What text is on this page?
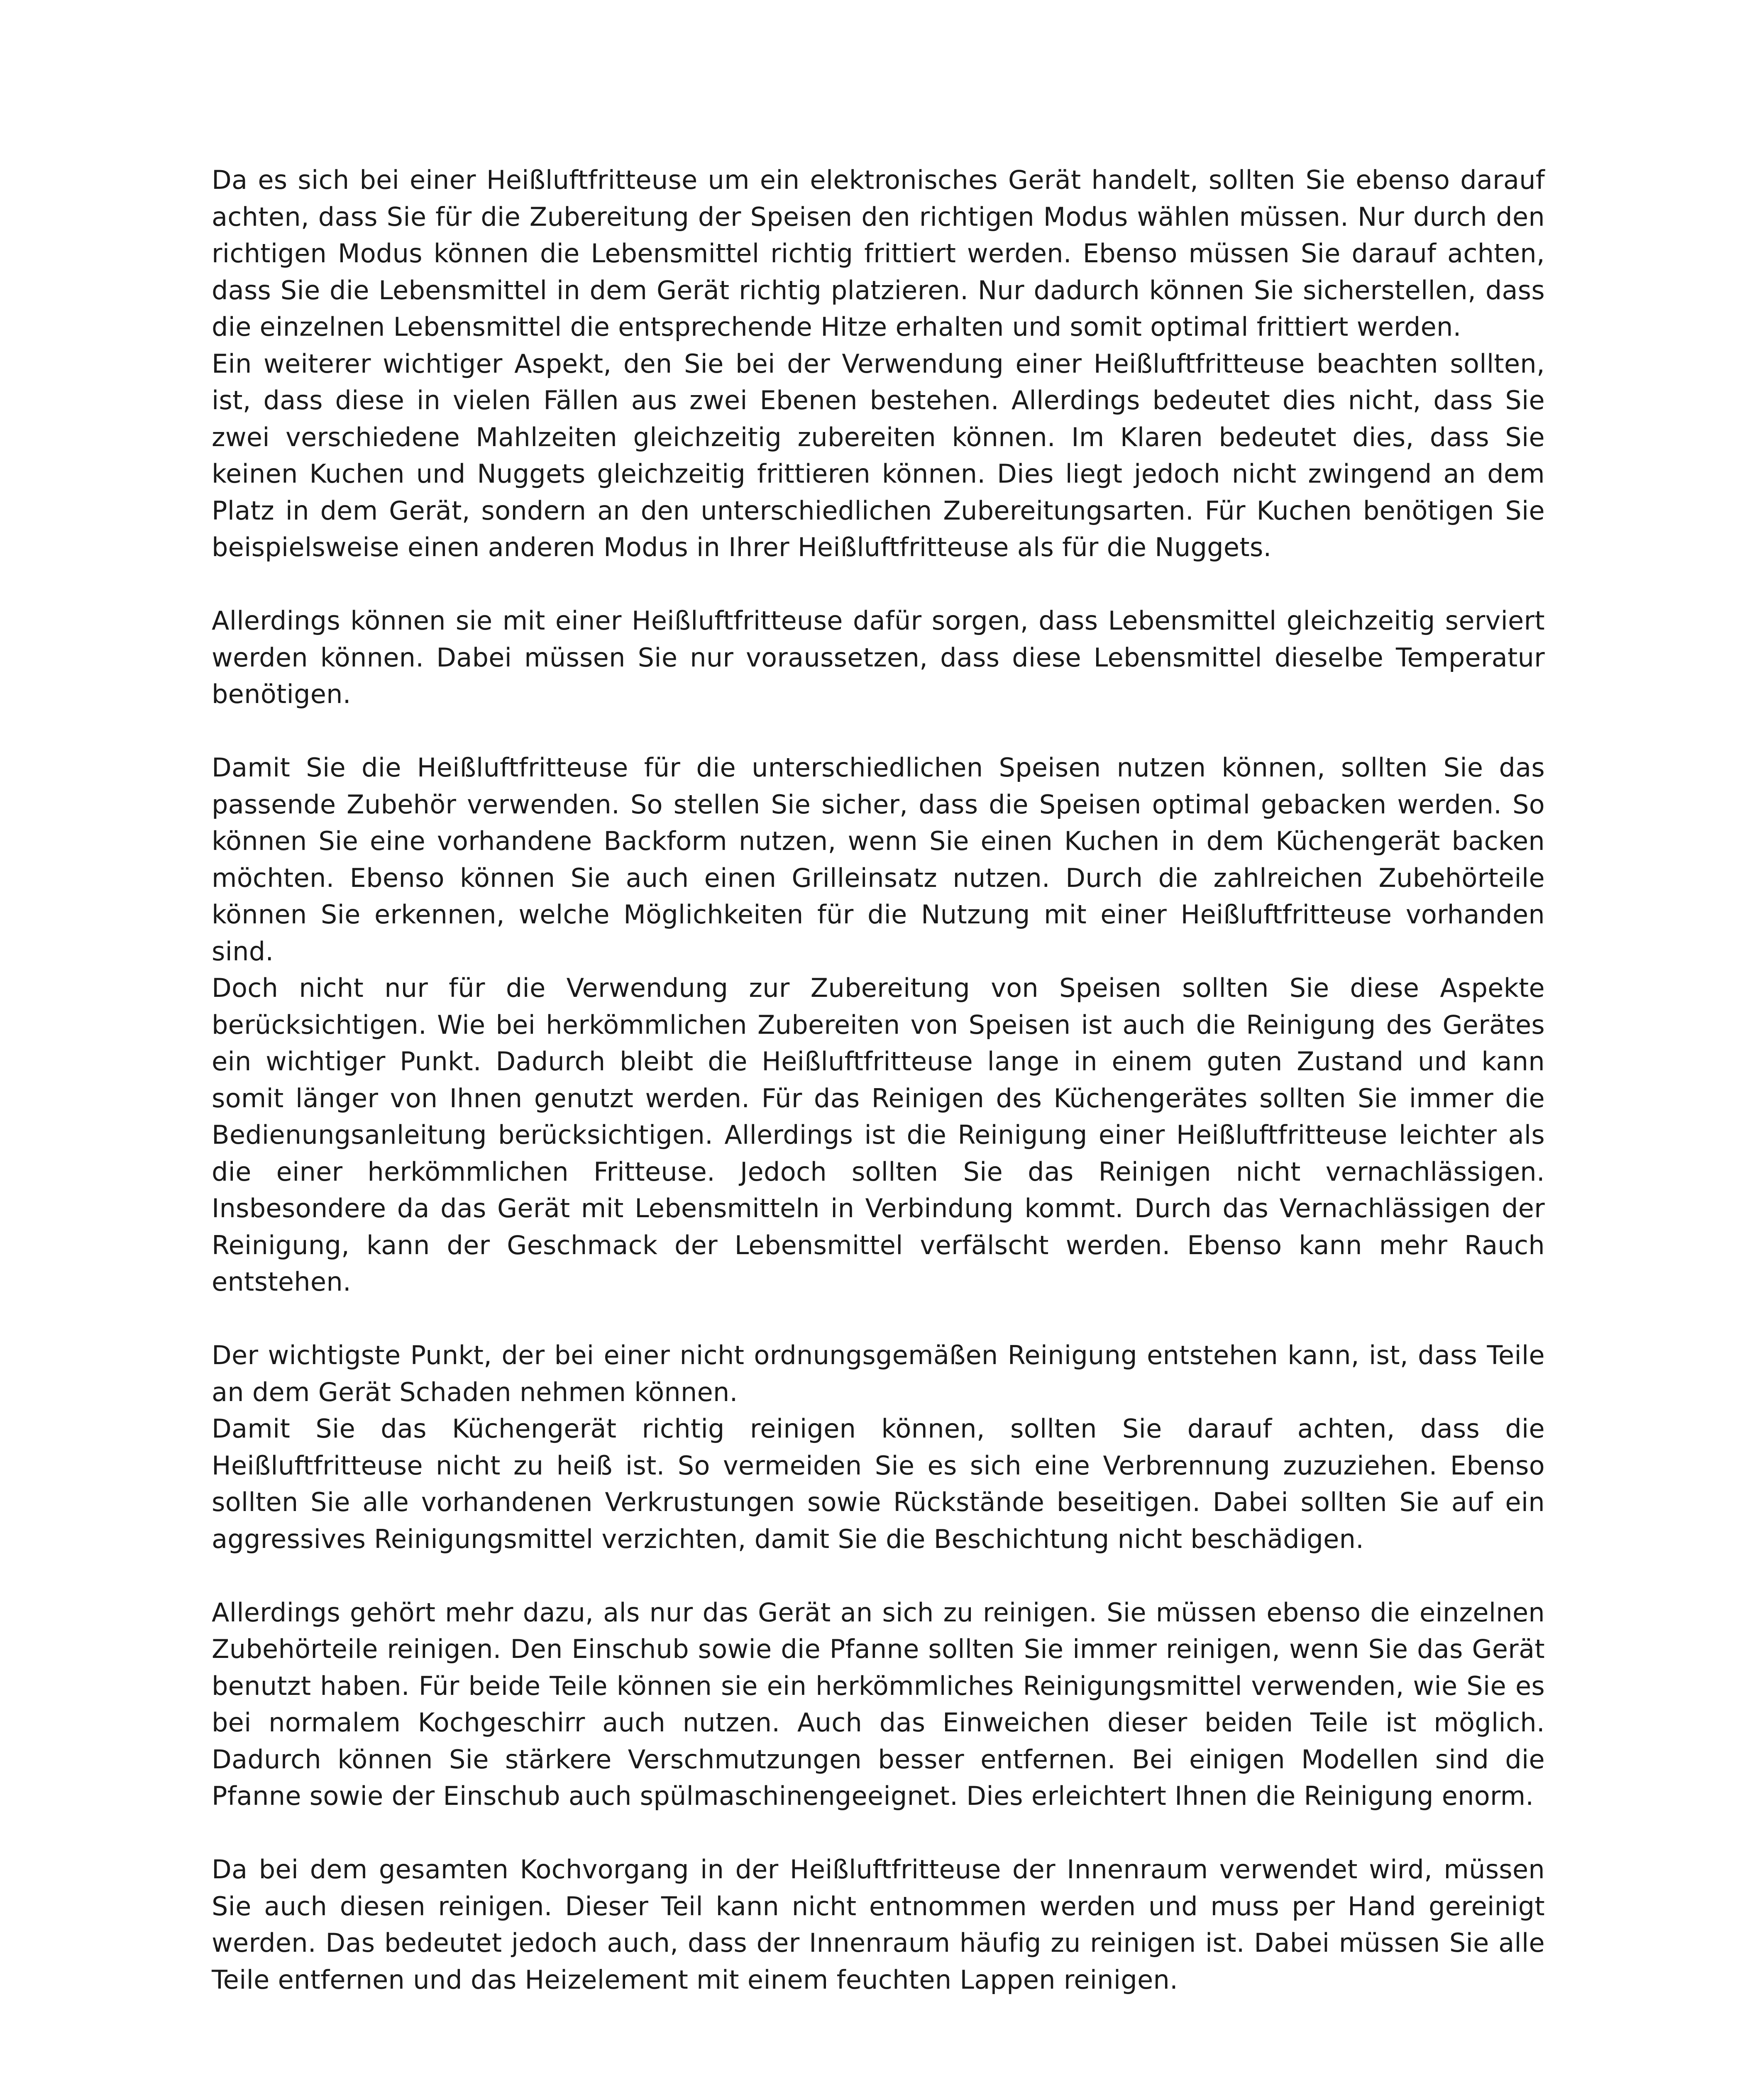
Da es sich bei einer Heißluftfritteuse um ein elektronisches Gerät handelt, sollten Sie ebenso darauf achten, dass Sie für die Zubereitung der Speisen den richtigen Modus wählen müssen. Nur durch den richtigen Modus können die Lebensmittel richtig frittiert werden. Ebenso müssen Sie darauf achten, dass Sie die Lebensmittel in dem Gerät richtig platzieren. Nur dadurch können Sie sicherstellen, dass die einzelnen Lebensmittel die entsprechende Hitze erhalten und somit optimal frittiert werden.

Ein weiterer wichtiger Aspekt, den Sie bei der Verwendung einer Heißluftfritteuse beachten sollten, ist, dass diese in vielen Fällen aus zwei Ebenen bestehen. Allerdings bedeutet dies nicht, dass Sie zwei verschiedene Mahlzeiten gleichzeitig zubereiten können. Im Klaren bedeutet dies, dass Sie keinen Kuchen und Nuggets gleichzeitig frittieren können. Dies liegt jedoch nicht zwingend an dem Platz in dem Gerät, sondern an den unterschiedlichen Zubereitungsarten. Für Kuchen benötigen Sie beispielsweise einen anderen Modus in Ihrer Heißluftfritteuse als für die Nuggets.

Allerdings können sie mit einer Heißluftfritteuse dafür sorgen, dass Lebensmittel gleichzeitig serviert werden können. Dabei müssen Sie nur voraussetzen, dass diese Lebensmittel dieselbe Temperatur benötigen.

Damit Sie die Heißluftfritteuse für die unterschiedlichen Speisen nutzen können, sollten Sie das passende Zubehör verwenden. So stellen Sie sicher, dass die Speisen optimal gebacken werden. So können Sie eine vorhandene Backform nutzen, wenn Sie einen Kuchen in dem Küchengerät backen möchten. Ebenso können Sie auch einen Grilleinsatz nutzen. Durch die zahlreichen Zubehörteile können Sie erkennen, welche Möglichkeiten für die Nutzung mit einer Heißluftfritteuse vorhanden sind.

Doch nicht nur für die Verwendung zur Zubereitung von Speisen sollten Sie diese Aspekte berücksichtigen. Wie bei herkömmlichen Zubereiten von Speisen ist auch die Reinigung des Gerätes ein wichtiger Punkt. Dadurch bleibt die Heißluftfritteuse lange in einem guten Zustand und kann somit länger von Ihnen genutzt werden. Für das Reinigen des Küchengerätes sollten Sie immer die Bedienungsanleitung berücksichtigen. Allerdings ist die Reinigung einer Heißluftfritteuse leichter als die einer herkömmlichen Fritteuse. Jedoch sollten Sie das Reinigen nicht vernachlässigen. Insbesondere da das Gerät mit Lebensmitteln in Verbindung kommt. Durch das Vernachlässigen der Reinigung, kann der Geschmack der Lebensmittel verfälscht werden. Ebenso kann mehr Rauch entstehen.

Der wichtigste Punkt, der bei einer nicht ordnungsgemäßen Reinigung entstehen kann, ist, dass Teile an dem Gerät Schaden nehmen können.

Damit Sie das Küchengerät richtig reinigen können, sollten Sie darauf achten, dass die Heißluftfritteuse nicht zu heiß ist. So vermeiden Sie es sich eine Verbrennung zuzuziehen. Ebenso sollten Sie alle vorhandenen Verkrustungen sowie Rückstände beseitigen. Dabei sollten Sie auf ein aggressives Reinigungsmittel verzichten, damit Sie die Beschichtung nicht beschädigen.

Allerdings gehört mehr dazu, als nur das Gerät an sich zu reinigen. Sie müssen ebenso die einzelnen Zubehörteile reinigen. Den Einschub sowie die Pfanne sollten Sie immer reinigen, wenn Sie das Gerät benutzt haben. Für beide Teile können sie ein herkömmliches Reinigungsmittel verwenden, wie Sie es bei normalem Kochgeschirr auch nutzen. Auch das Einweichen dieser beiden Teile ist möglich. Dadurch können Sie stärkere Verschmutzungen besser entfernen. Bei einigen Modellen sind die Pfanne sowie der Einschub auch spülmaschinengeeignet. Dies erleichtert Ihnen die Reinigung enorm.

Da bei dem gesamten Kochvorgang in der Heißluftfritteuse der Innenraum verwendet wird, müssen Sie auch diesen reinigen. Dieser Teil kann nicht entnommen werden und muss per Hand gereinigt werden. Das bedeutet jedoch auch, dass der Innenraum häufig zu reinigen ist. Dabei müssen Sie alle Teile entfernen und das Heizelement mit einem feuchten Lappen reinigen.
